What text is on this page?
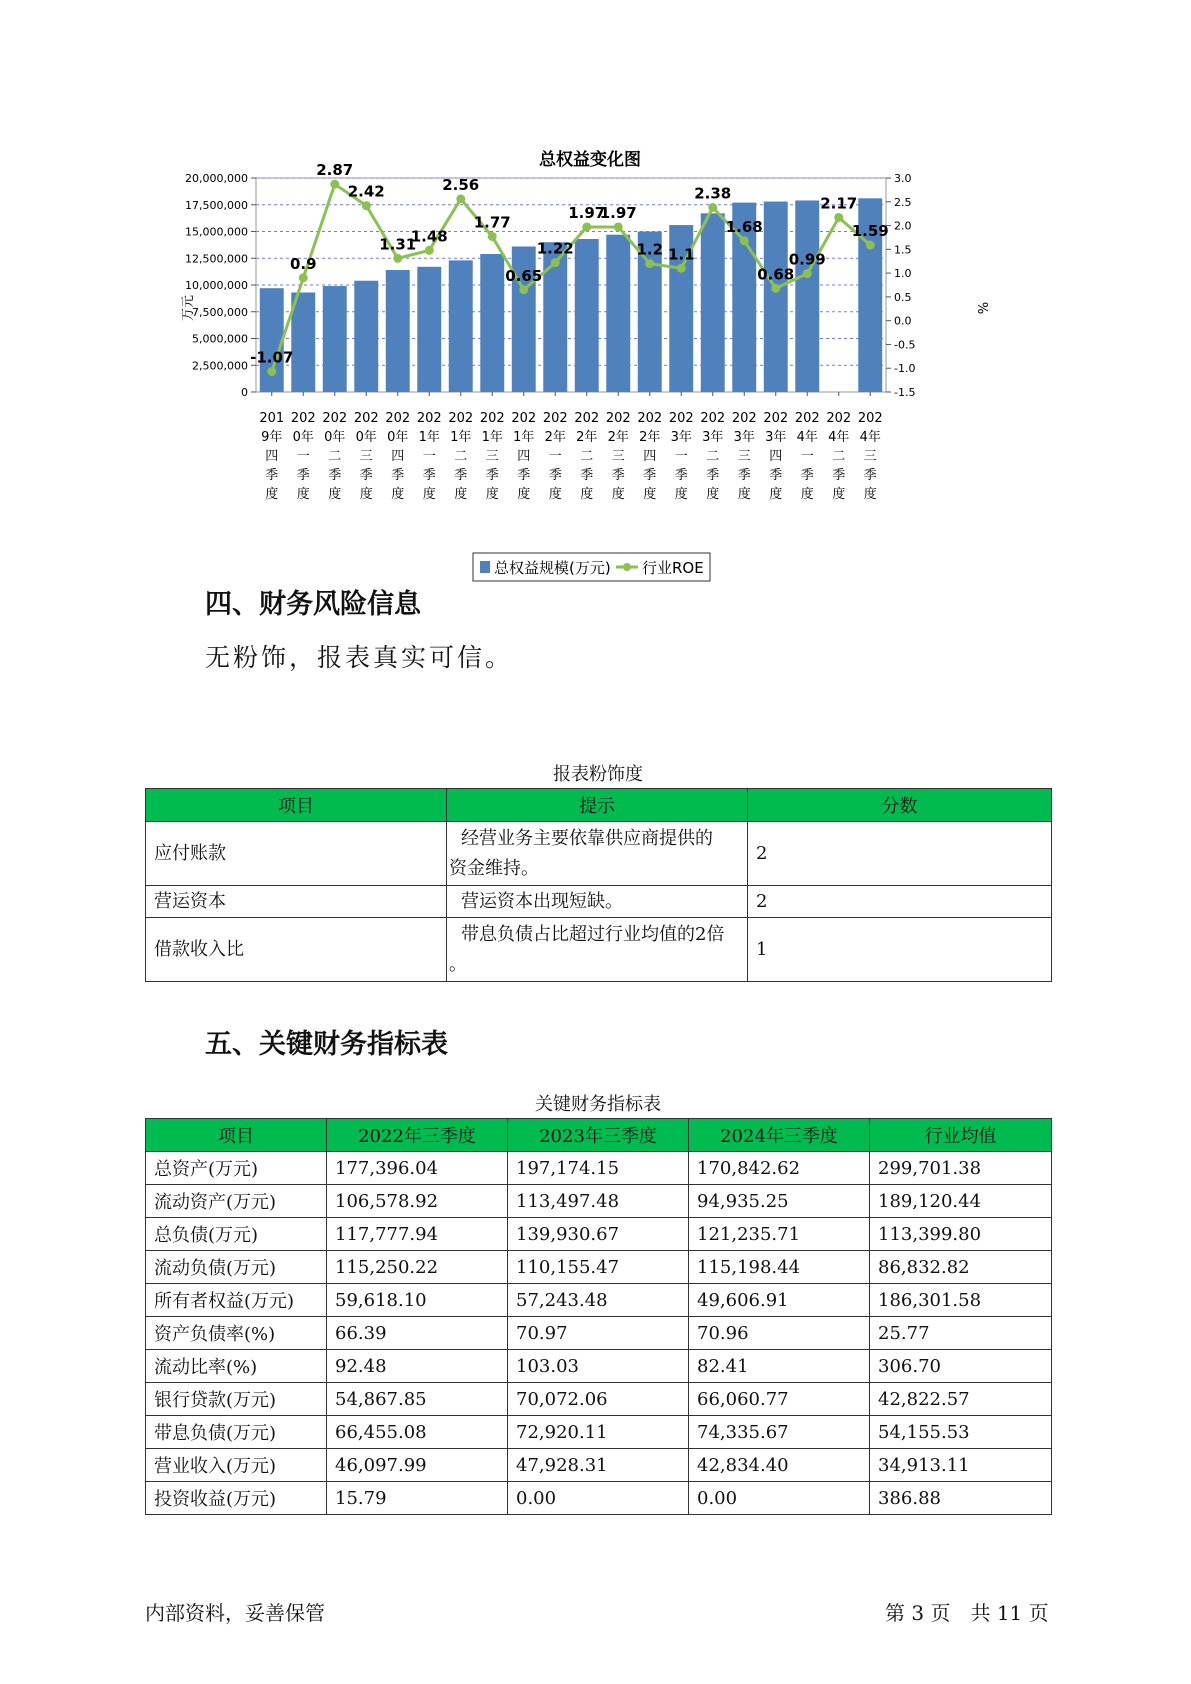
总权益变化图
0
2,500,000
5,000,000
7,500,000
10,000,000
12,500,000
15,000,000
17,500,000
20,000,000
-1.5
-1.0
-0.5
0.0
0.5
1.0
1.5
2.0
2.5
3.0
201
9年
四
季
度
202
0年
一
季
度
202
0年
二
季
度
202
0年
三
季
度
202
0年
四
季
度
202
1年
一
季
度
202
1年
二
季
度
202
1年
三
季
度
202
1年
四
季
度
202
2年
一
季
度
202
2年
二
季
度
202
2年
三
季
度
202
2年
四
季
度
202
3年
一
季
度
202
3年
二
季
度
202
3年
三
季
度
202
3年
四
季
度
202
4年
一
季
度
202
4年
二
季
度
202
4年
三
季
度
-1.07
0.9
2.87
2.42
1.31
1.48
2.56
1.77
0.65
1.22
1.97
1.97
1.2 1.1
2.38
1.68
0.68
0.99
2.17
1.59
万元	%
总权益规模(万元) 行业ROE
四、财务风险信息
无粉饰，报表真实可信。
报表粉饰度
项目	提示	分数
应付账款	经营业务主要依靠供应商提供的
资金维持。	2
营运资本	营运资本出现短缺。	2
借款收入比	带息负债占比超过行业均值的2倍
。	1
五、关键财务指标表
关键财务指标表
项目	2022年三季度	2023年三季度	2024年三季度	行业均值
总资产(万元)	177,396.04	197,174.15	170,842.62	299,701.38
流动资产(万元)	106,578.92	113,497.48	94,935.25	189,120.44
总负债(万元)	117,777.94	139,930.67	121,235.71	113,399.80
流动负债(万元)	115,250.22	110,155.47	115,198.44	86,832.82
所有者权益(万元)	59,618.10	57,243.48	49,606.91	186,301.58
资产负债率(%)	66.39	70.97	70.96	25.77
流动比率(%)	92.48	103.03	82.41	306.70
银行贷款(万元)	54,867.85	70,072.06	66,060.77	42,822.57
带息负债(万元)	66,455.08	72,920.11	74,335.67	54,155.53
营业收入(万元)	46,097.99	47,928.31	42,834.40	34,913.11
投资收益(万元)	15.79	0.00	0.00	386.88
内部资料，妥善保管	第 3 页　共 11 页
